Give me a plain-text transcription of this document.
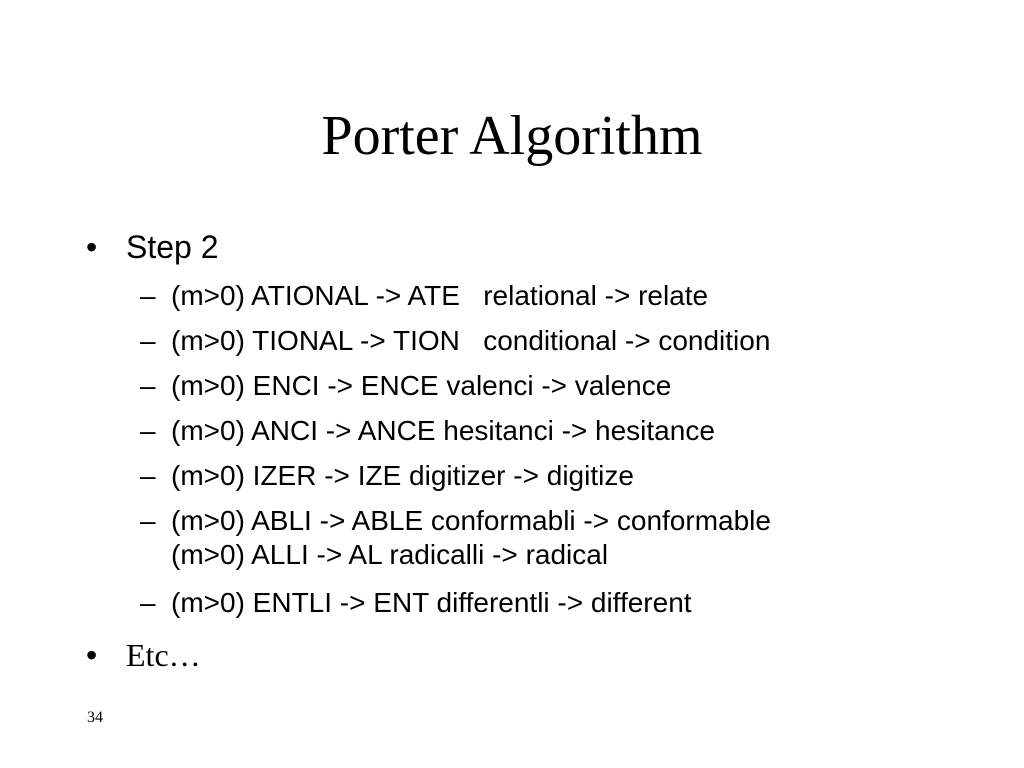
Porter Algorithm
• Step 2
– (m>0) ATIONAL -> ATE   relational -> relate
– (m>0) TIONAL -> TION   conditional -> condition
– (m>0) ENCI -> ENCE valenci -> valence
– (m>0) ANCI -> ANCE hesitanci -> hesitance
– (m>0) IZER -> IZE digitizer -> digitize
– (m>0) ABLI -> ABLE conformabli -> conformable
(m>0) ALLI -> AL radicalli -> radical
– (m>0) ENTLI -> ENT differentli -> different
• Etc…
34
